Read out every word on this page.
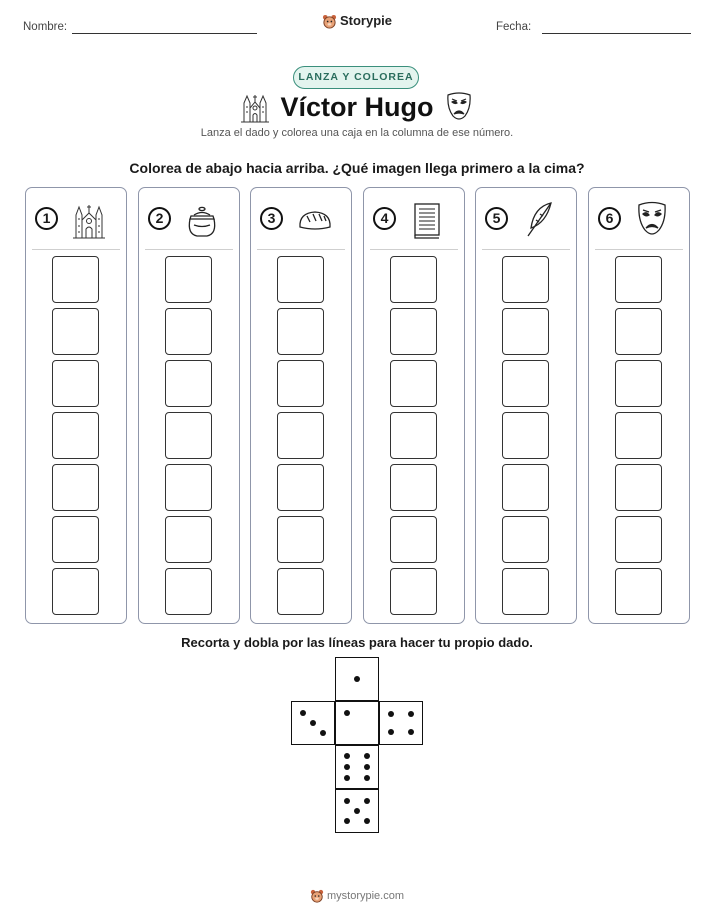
Nombre:	Storypie	Fecha:
LANZA Y COLOREA
Víctor Hugo
Lanza el dado y colorea una caja en la columna de ese número.
Colorea de abajo hacia arriba. ¿Qué imagen llega primero a la cima?
1	2	3	4	5	6
Recorta y dobla por las líneas para hacer tu propio dado.
mystorypie.com
